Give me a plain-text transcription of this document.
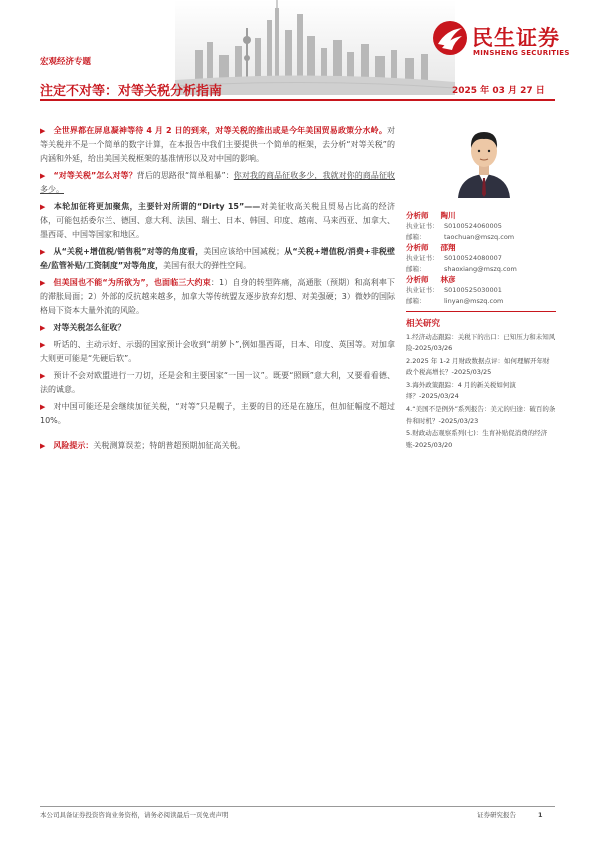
民生证券
MINSHENG SECURITIES
宏观经济专题
注定不对等：对等关税分析指南	2025 年 03 月 27 日

▶ 全世界都在屏息凝神等待 4 月 2 日的到来，对等关税的推出或是今年美国贸易政策分水岭。对等关税并不是一个简单的数字计算，在本报告中我们主要提供一个简单的框架，去分析“对等关税”的内涵和外延，给出美国关税框架的基准情形以及对中国的影响。

▶ “对等关税”怎么对等？背后的思路很“简单粗暴”：你对我的商品征收多少，我就对你的商品征收多少。

▶ 本轮加征将更加聚焦，主要针对所谓的“Dirty 15”——对美征收高关税且贸易占比高的经济体，可能包括委尔兰、德国、意大利、法国、瑞士、日本、韩国、印度、越南、马来西亚、加拿大、墨西哥、中国等国家和地区。

▶ 从“关税+增值税/销售税”对等的角度看，美国应该给中国减税；从“关税+增值税/消费+非税壁垒/监管补贴/工资制度”对等角度，美国有很大的弹性空间。

▶ 但美国也不能“为所欲为”，也面临三大约束：1）自身的转型阵痛，高通胀（预期）和高利率下的滞胀局面；2）外部的反抗越来越多，加拿大等传统盟友逐步放弃幻想、对美强硬；3）微妙的国际格局下资本大量外流的风险。

▶ 对等关税怎么征收？

▶ 听话的、主动示好、示弱的国家预计会收到“胡萝卜”,例如墨西哥，日本、印度、英国等。对加拿大则更可能是“先硬后软”。

▶ 预计不会对欧盟进行一刀切，还是会和主要国家“一国一议”。既要“照顾”意大利，又要看看德、法的诚意。

▶ 对中国可能还是会继续加征关税，“对等”只是幌子，主要的目的还是在施压，但加征幅度不超过 10%。

▶ 风险提示：关税测算误差；特朗普超预期加征高关税。

分析师 陶川
执业证书： S0100524060005
邮箱：	taochuan@mszq.com
分析师 邵翔
执业证书： S0100524080007
邮箱：	shaoxiang@mszq.com
分析师 林彦
执业证书： S0100525030001
邮箱：	linyan@mszq.com
相关研究
1.经济动态跟踪：关税下的出口：已知压力和未知风险-2025/03/26
2.2025 年 1-2 月财政数据点评：如何理解开年财政个税高增长？-2025/03/25
3.海外政策跟踪：4 月的新关税如何演绎？-2025/03/24
4.“美国不是例外”系列报告：美元的归途：破百的条件和时机？-2025/03/23
5.财政动态观察系列(七)：生育补贴促消费的经济账-2025/03/20
本公司具备证券投资咨询业务资格，请务必阅读最后一页免责声明	证券研究报告	1
